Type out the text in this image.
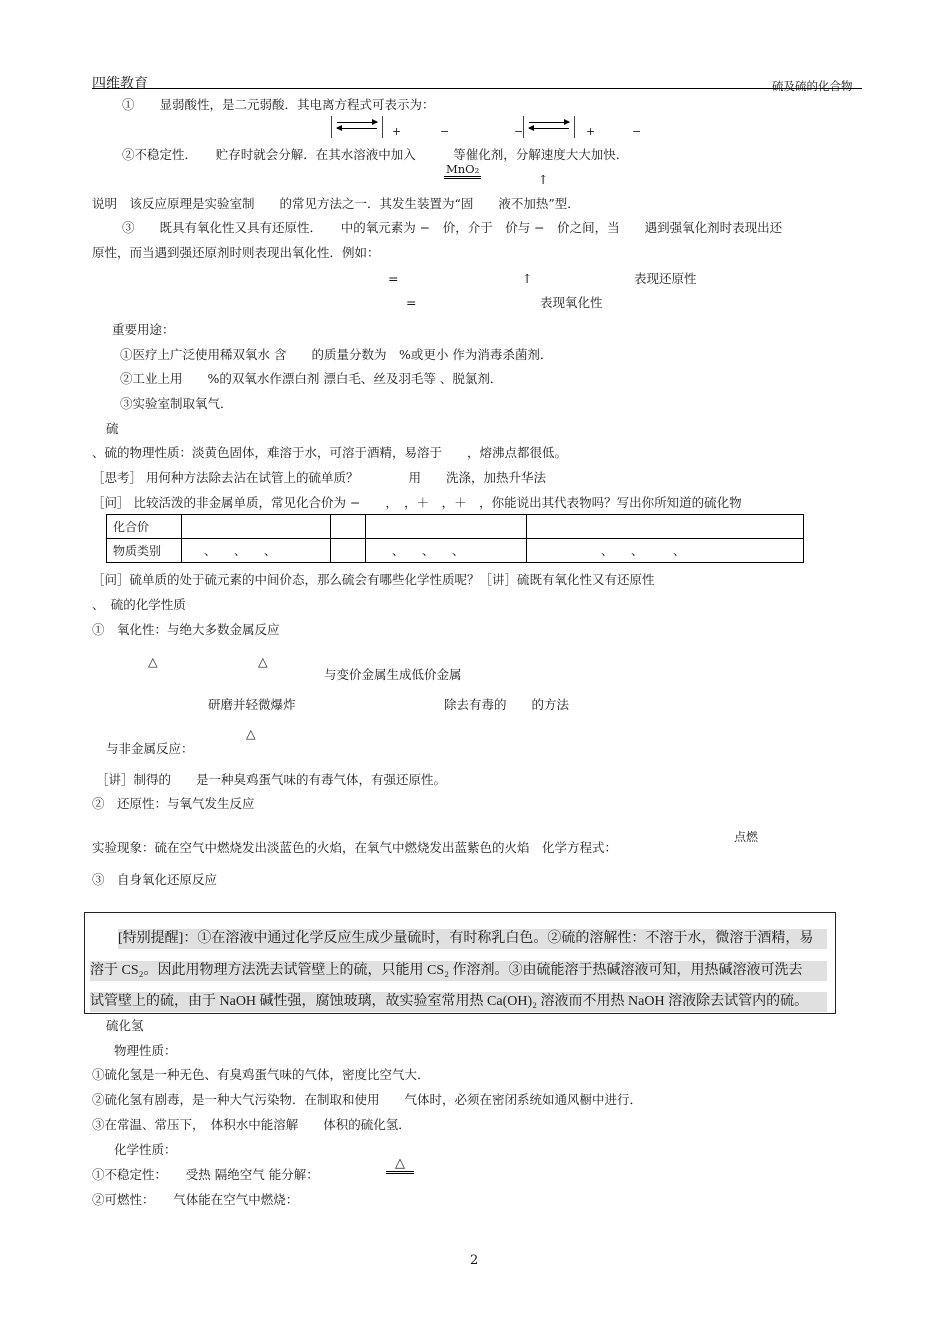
四维教育	硫及硫的化合物
①　　显弱酸性，是二元弱酸．其电离方程式可表示为：
+	−	−	+	−
②不稳定性．　　贮存时就会分解．在其水溶液中加入　　　等催化剂，分解速度大大加快．
MnO₂
↑
说明　该反应原理是实验室制　　的常见方法之一．其发生装置为“固　　液不加热”型．
③　　既具有氧化性又具有还原性．　　中的氧元素为 −　价，介于　价与 −　价之间，当　　遇到强氧化剂时表现出还
原性，而当遇到强还原剂时则表现出氧化性．例如：
=	↑	表现还原性
=	表现氧化性
重要用途：
①医疗上广泛使用稀双氧水 含　　的质量分数为　%或更小 作为消毒杀菌剂．
②工业上用　　%的双氧水作漂白剂 漂白毛、丝及羽毛等 、脱氯剂．
③实验室制取氧气．
硫
、硫的物理性质：淡黄色固体，难溶于水，可溶于酒精，易溶于　　，熔沸点都很低。
［思考］ 用何种方法除去沾在试管上的硫单质？　　　　用　　洗涤，加热升华法
［问］ 比较活泼的非金属单质，常见化合价为 −　　，　，＋　，＋　，你能说出其代表物吗？写出你所知道的硫化物
化合价				
物质类别	、　　、　　、		、　　、　　、	、　　、　　　、
［问］硫单质的处于硫元素的中间价态，那么硫会有哪些化学性质呢？［讲］硫既有氧化性又有还原性
、　硫的化学性质
①　氧化性：与绝大多数金属反应
△	△
与变价金属生成低价金属
研磨并轻微爆炸	除去有毒的　　的方法
△
与非金属反应：
［讲］制得的　　是一种臭鸡蛋气味的有毒气体，有强还原性。
②　还原性：与氧气发生反应
点燃
实验现象：硫在空气中燃烧发出淡蓝色的火焰，在氧气中燃烧发出蓝紫色的火焰　化学方程式：
③　自身氧化还原反应
[特别提醒]：①在溶液中通过化学反应生成少量硫时，有时称乳白色。②硫的溶解性：不溶于水，微溶于酒精，易
溶于 CS₂。因此用物理方法洗去试管壁上的硫，只能用 CS₂ 作溶剂。③由硫能溶于热碱溶液可知，用热碱溶液可洗去
试管壁上的硫，由于 NaOH 碱性强，腐蚀玻璃，故实验室常用热 Ca(OH)₂ 溶液而不用热 NaOH 溶液除去试管内的硫。
硫化氢
物理性质：
①硫化氢是一种无色、有臭鸡蛋气味的气体，密度比空气大．
②硫化氢有剧毒，是一种大气污染物．在制取和使用　　气体时，必须在密闭系统如通风橱中进行．
③在常温、常压下，　体积水中能溶解　　体积的硫化氢．
化学性质：
△
①不稳定性：　　受热 隔绝空气 能分解：
②可燃性：　　气体能在空气中燃烧：
2
